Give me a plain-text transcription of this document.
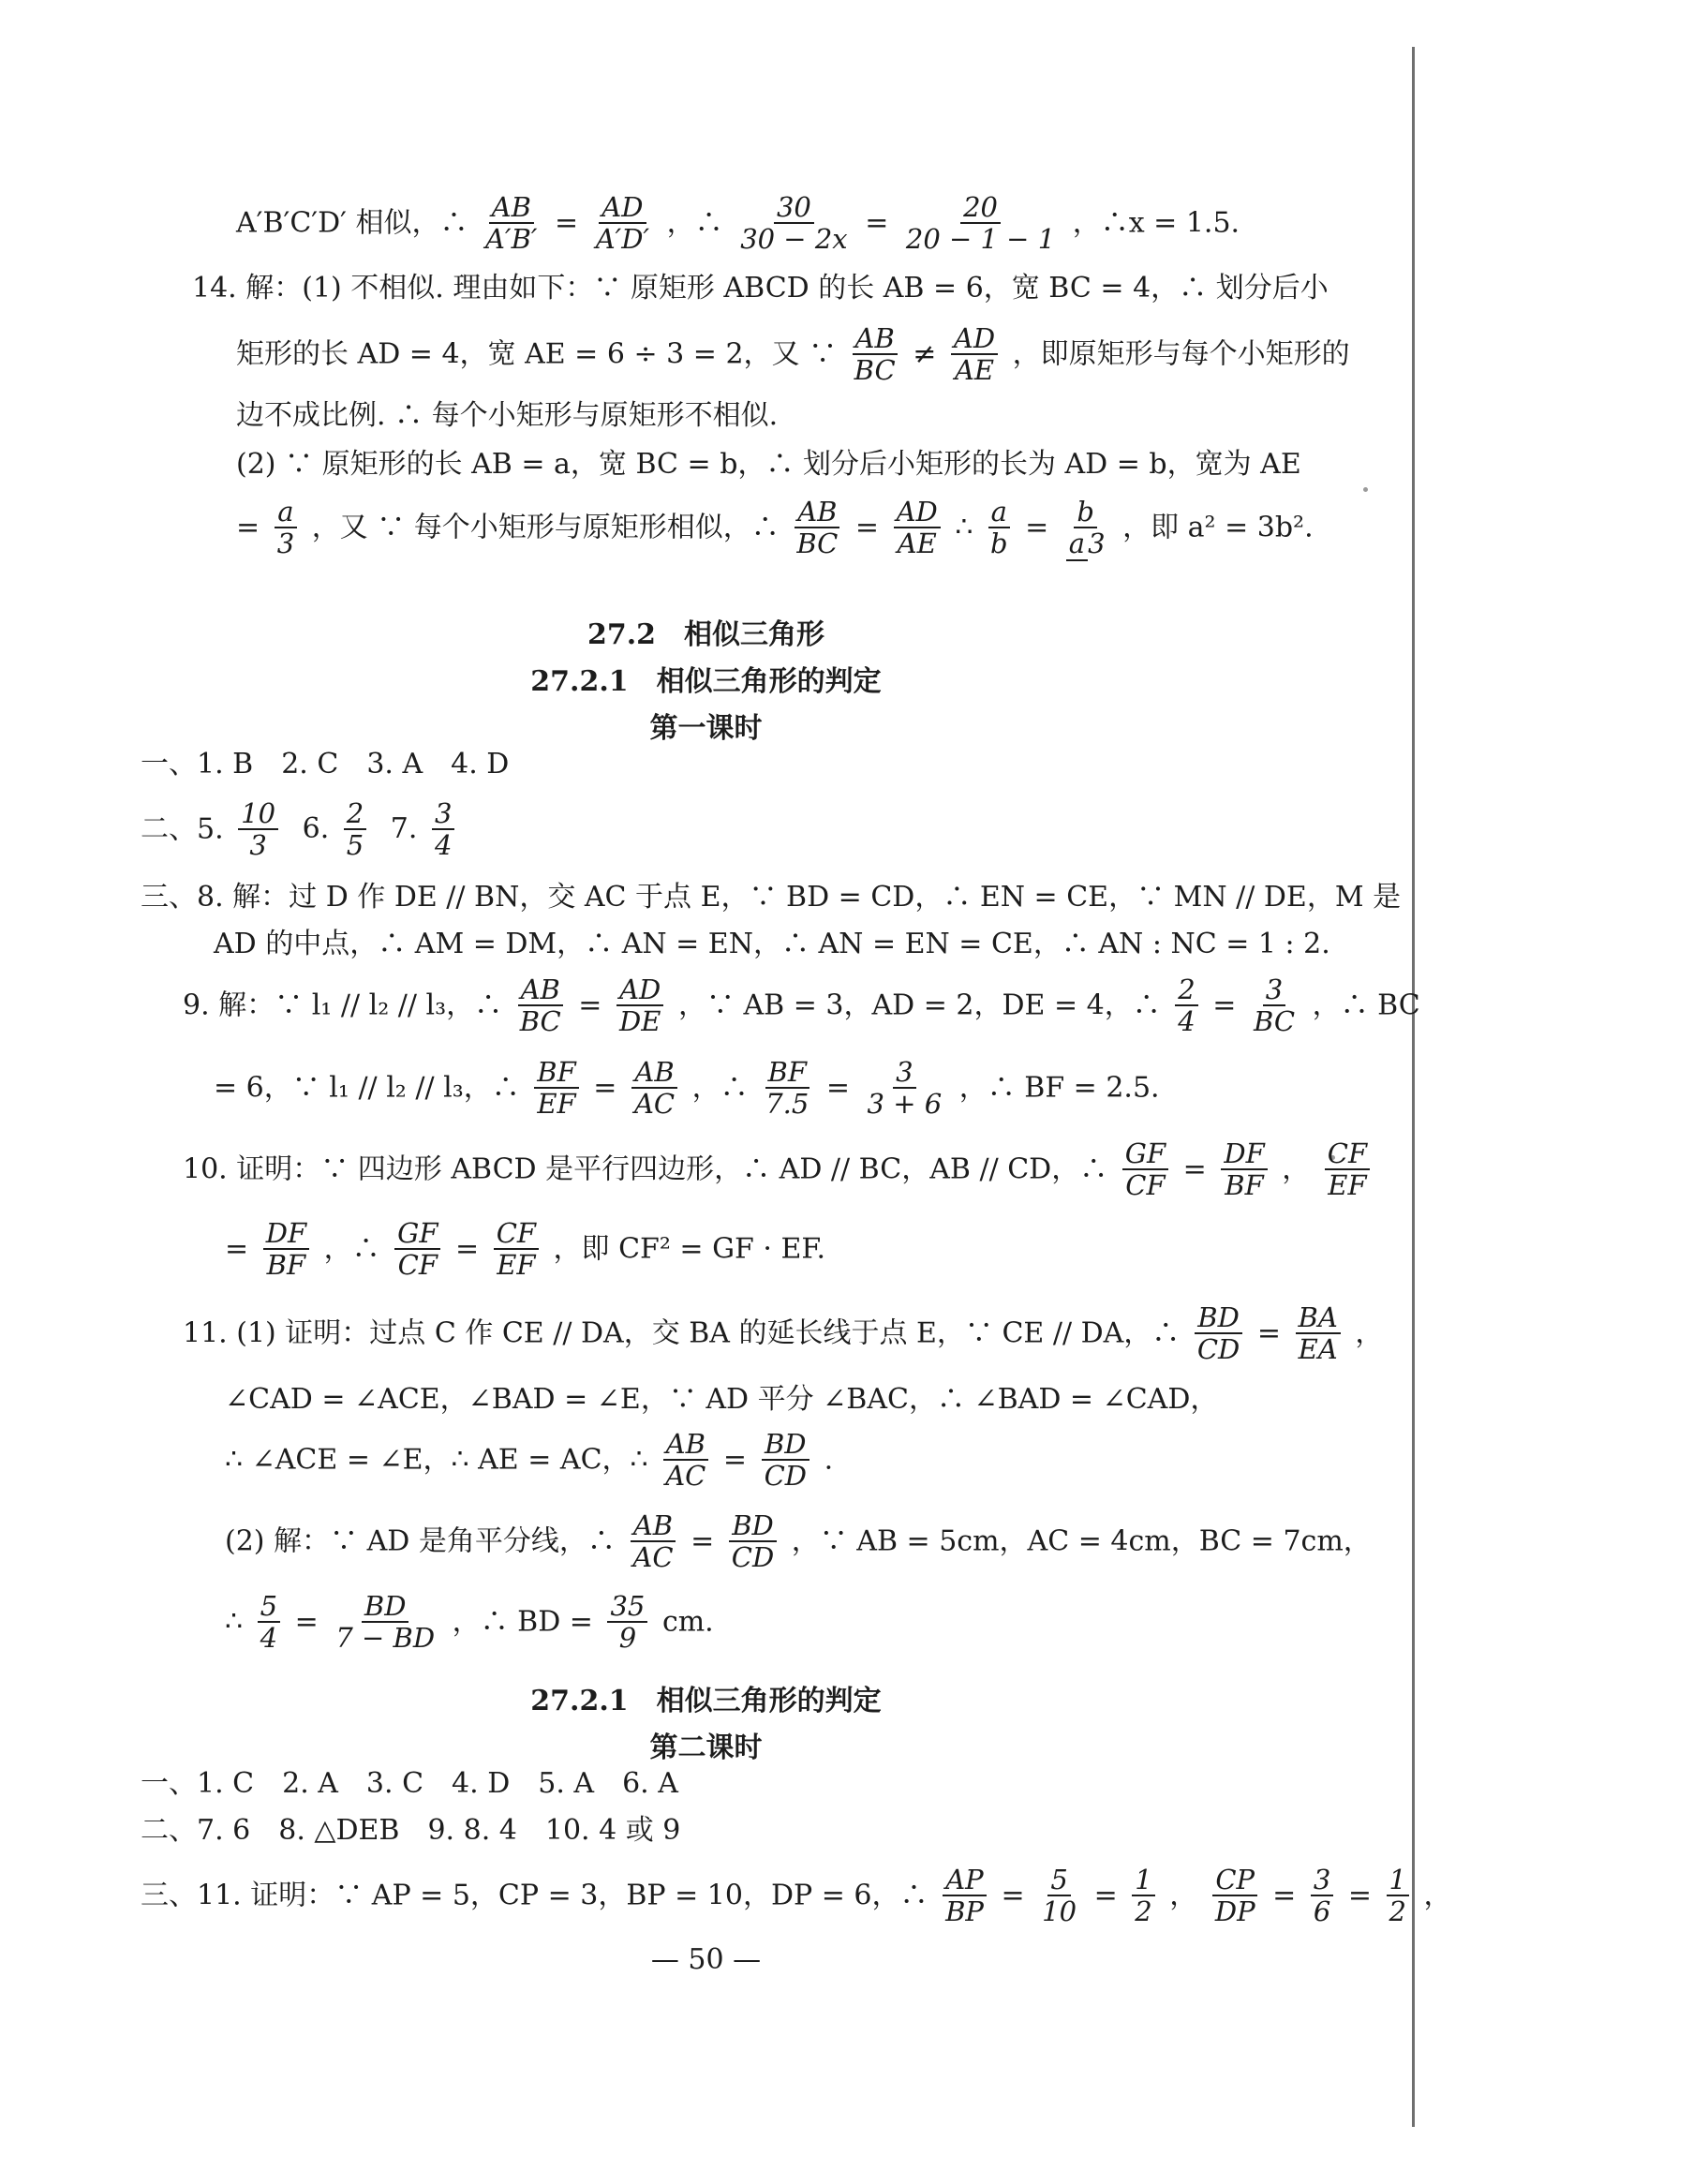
A′B′C′D′ 相似，∴ $\frac{AB}{A'B'} = \frac{AD}{A'D'}$ ，∴ $\frac{30}{30 - 2x} = \frac{20}{20 - 1 - 1}$ ，∴x = 1.5.
14. 解：(1) 不相似. 理由如下：∵ 原矩形 ABCD 的长 AB = 6，宽 BC = 4，∴ 划分后小
矩形的长 AD = 4，宽 AE = 6 ÷ 3 = 2，又 ∵ $\frac{AB}{BC} \ne \frac{AD}{AE}$ ，即原矩形与每个小矩形的
边不成比例. ∴ 每个小矩形与原矩形不相似.
(2) ∵ 原矩形的长 AB = a，宽 BC = b，∴ 划分后小矩形的长为 AD = b，宽为 AE
= $\frac{a}{3}$ ，又 ∵ 每个小矩形与原矩形相似，∴ $\frac{AB}{BC} = \frac{AD}{AE}$ ∴ $\frac{a}{b} = \frac{b}{a 3}$ ，即 a² = 3b².
27.2　相似三角形
27.2.1　相似三角形的判定
第一课时
一、1. B　2. C　3. A　4. D
二、5. $\frac{10}{3} 6$. $\frac{2}{5} 7$. $\frac{3}{4}$
三、8. 解：过 D 作 DE // BN，交 AC 于点 E，∵ BD = CD，∴ EN = CE，∵ MN // DE，M 是
AD 的中点，∴ AM = DM，∴ AN = EN，∴ AN = EN = CE，∴ AN : NC = 1 : 2.
9. 解：∵ l₁ // l₂ // l₃，∴ $\frac{AB}{BC} = \frac{AD}{DE}$ ，∵ AB = 3，AD = 2，DE = 4，∴ $\frac{2}{4} = \frac{3}{BC}$ ，∴ BC
= 6，∵ l₁ // l₂ // l₃，∴ $\frac{BF}{EF} = \frac{AB}{AC}$ ，∴ $\frac{BF}{7.5} = \frac{3}{3 + 6}$ ，∴ BF = 2.5.
10. 证明：∵ 四边形 ABCD 是平行四边形，∴ AD // BC，AB // CD，∴ $\frac{GF}{CF} = \frac{DF}{BF}$ ， $\frac{CF}{EF}$
= $\frac{DF}{BF}$ ，∴ $\frac{GF}{CF} = \frac{CF}{EF}$ ，即 CF² = GF · EF.
11. (1) 证明：过点 C 作 CE // DA，交 BA 的延长线于点 E，∵ CE // DA，∴ $\frac{BD}{CD} = \frac{BA}{EA}$ ，
∠CAD = ∠ACE，∠BAD = ∠E，∵ AD 平分 ∠BAC，∴ ∠BAD = ∠CAD，
∴ ∠ACE = ∠E，∴ AE = AC，∴ $\frac{AB}{AC} = \frac{BD}{CD}$ .
(2) 解：∵ AD 是角平分线，∴ $\frac{AB}{AC} = \frac{BD}{CD}$ ，∵ AB = 5cm，AC = 4cm，BC = 7cm，
∴ $\frac{5}{4} = \frac{BD}{7 - BD}$ ，∴ BD = $\frac{35}{9}$ cm.
27.2.1　相似三角形的判定
第二课时
一、1. C　2. A　3. C　4. D　5. A　6. A
二、7. 6　8. △DEB　9. 8. 4　10. 4 或 9
三、11. 证明：∵ AP = 5，CP = 3，BP = 10，DP = 6，∴ $\frac{AP}{BP} = \frac{5}{10} = \frac{1}{2}$ ， $\frac{CP}{DP} = \frac{3}{6} = \frac{1}{2}$ ，
— 50 —
